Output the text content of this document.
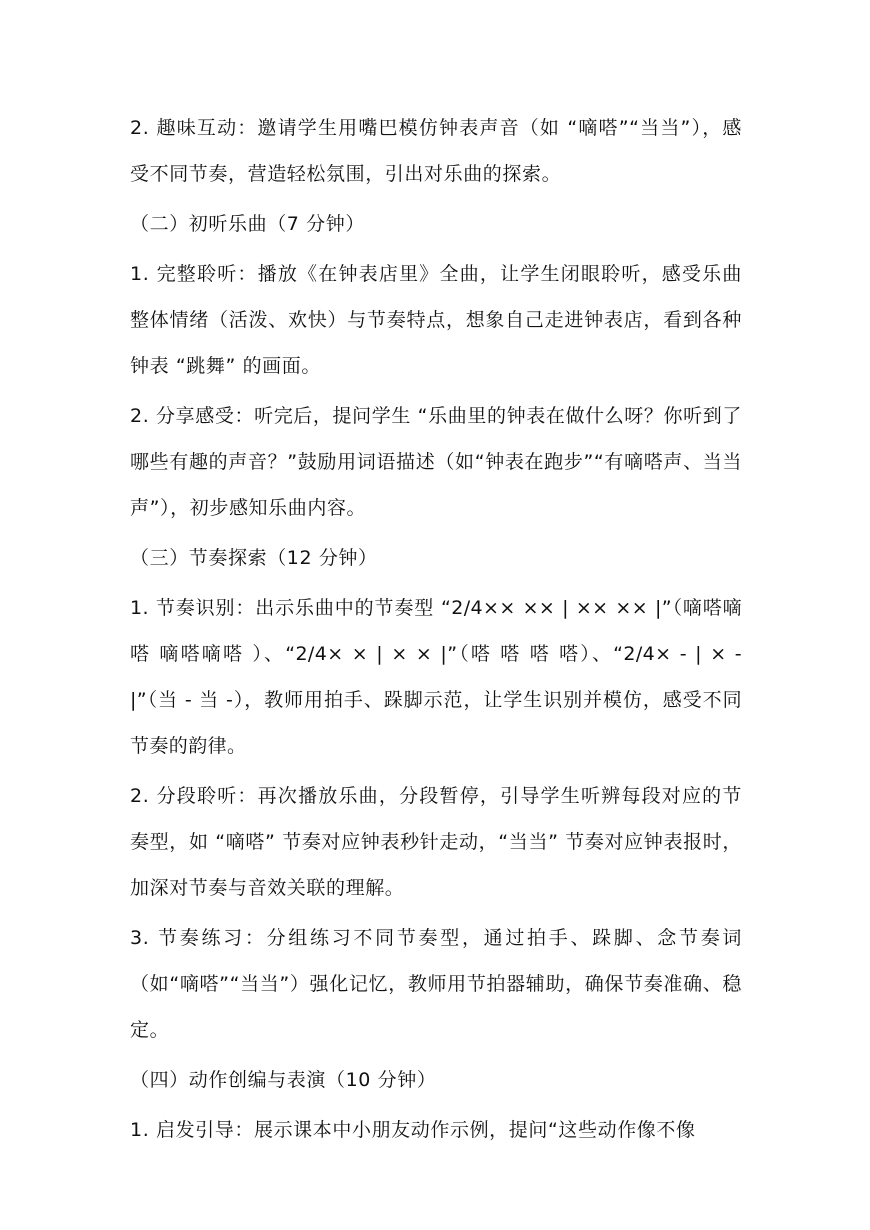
2. 趣味互动：邀请学生用嘴巴模仿钟表声音（如 “嘀嗒”“当当”），感受不同节奏，营造轻松氛围，引出对乐曲的探索。

（二）初听乐曲（7 分钟）

1. 完整聆听：播放《在钟表店里》全曲，让学生闭眼聆听，感受乐曲整体情绪（活泼、欢快）与节奏特点，想象自己走进钟表店，看到各种钟表 “跳舞” 的画面。

2. 分享感受：听完后，提问学生 “乐曲里的钟表在做什么呀？你听到了哪些有趣的声音？”鼓励用词语描述（如“钟表在跑步”“有嘀嗒声、当当声”），初步感知乐曲内容。

（三）节奏探索（12 分钟）

1. 节奏识别：出示乐曲中的节奏型 “2/4×× ×× | ×× ×× |”（嘀嗒嘀嗒 嘀嗒嘀嗒 ）、“2/4× × | × × |”（嗒 嗒 嗒 嗒）、“2/4× - | × - |”（当 - 当 -），教师用拍手、跺脚示范，让学生识别并模仿，感受不同节奏的韵律。

2. 分段聆听：再次播放乐曲，分段暂停，引导学生听辨每段对应的节奏型，如 “嘀嗒” 节奏对应钟表秒针走动，“当当” 节奏对应钟表报时，加深对节奏与音效关联的理解。

3. 节奏练习：分组练习不同节奏型，通过拍手、跺脚、念节奏词（如“嘀嗒”“当当”）强化记忆，教师用节拍器辅助，确保节奏准确、稳定。

（四）动作创编与表演（10 分钟）

1. 启发引导：展示课本中小朋友动作示例，提问“这些动作像不像
